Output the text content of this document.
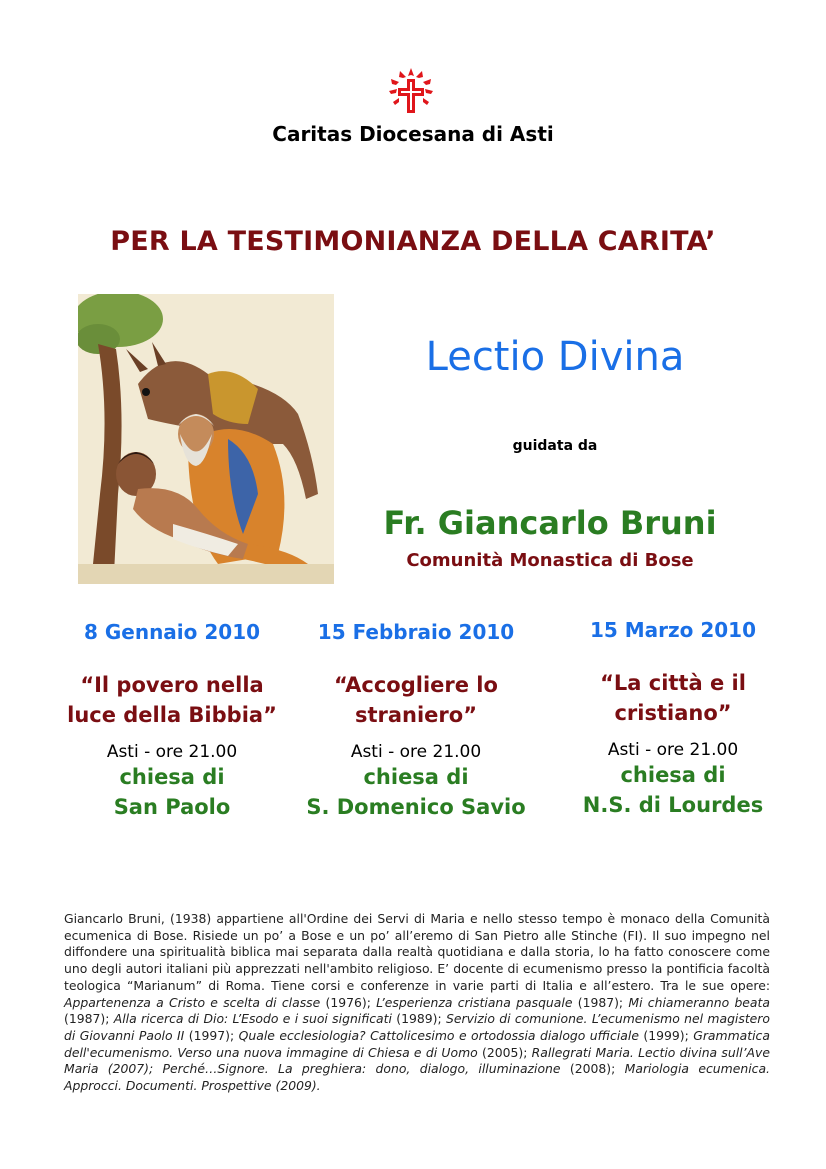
Caritas Diocesana di Asti
PER LA TESTIMONIANZA DELLA CARITA’
Lectio Divina
guidata da
Fr. Giancarlo Bruni
Comunità Monastica di Bose
8 Gennaio 2010
“Il povero nella
luce della Bibbia”
Asti - ore 21.00
chiesa di
San Paolo
15 Febbraio 2010
“Accogliere lo
straniero”
Asti - ore 21.00
chiesa di
S. Domenico Savio
15 Marzo 2010
“La città e il
cristiano”
Asti - ore 21.00
chiesa di
N.S. di Lourdes
Giancarlo Bruni, (1938) appartiene all'Ordine dei Servi di Maria e nello stesso tempo è monaco della Comunità ecumenica di Bose. Risiede un po’ a Bose e un po’ all’eremo di San Pietro alle Stinche (FI). Il suo impegno nel diffondere una spiritualità biblica mai separata dalla realtà quotidiana e dalla storia, lo ha fatto conoscere come uno degli autori italiani più apprezzati nell'ambito religioso. E’ docente di ecumenismo presso la pontificia facoltà teologica “Marianum” di Roma. Tiene corsi e conferenze in varie parti di Italia e all’estero. Tra le sue opere: Appartenenza a Cristo e scelta di classe (1976); L’esperienza cristiana pasquale (1987); Mi chiameranno beata (1987); Alla ricerca di Dio: L’Esodo e i suoi significati (1989); Servizio di comunione. L’ecumenismo nel magistero di Giovanni Paolo II (1997); Quale ecclesiologia? Cattolicesimo e ortodossia dialogo ufficiale (1999); Grammatica dell'ecumenismo. Verso una nuova immagine di Chiesa e di Uomo (2005); Rallegrati Maria. Lectio divina sull’Ave Maria (2007); Perché…Signore. La preghiera: dono, dialogo, illuminazione (2008); Mariologia ecumenica. Approcci. Documenti. Prospettive (2009).
